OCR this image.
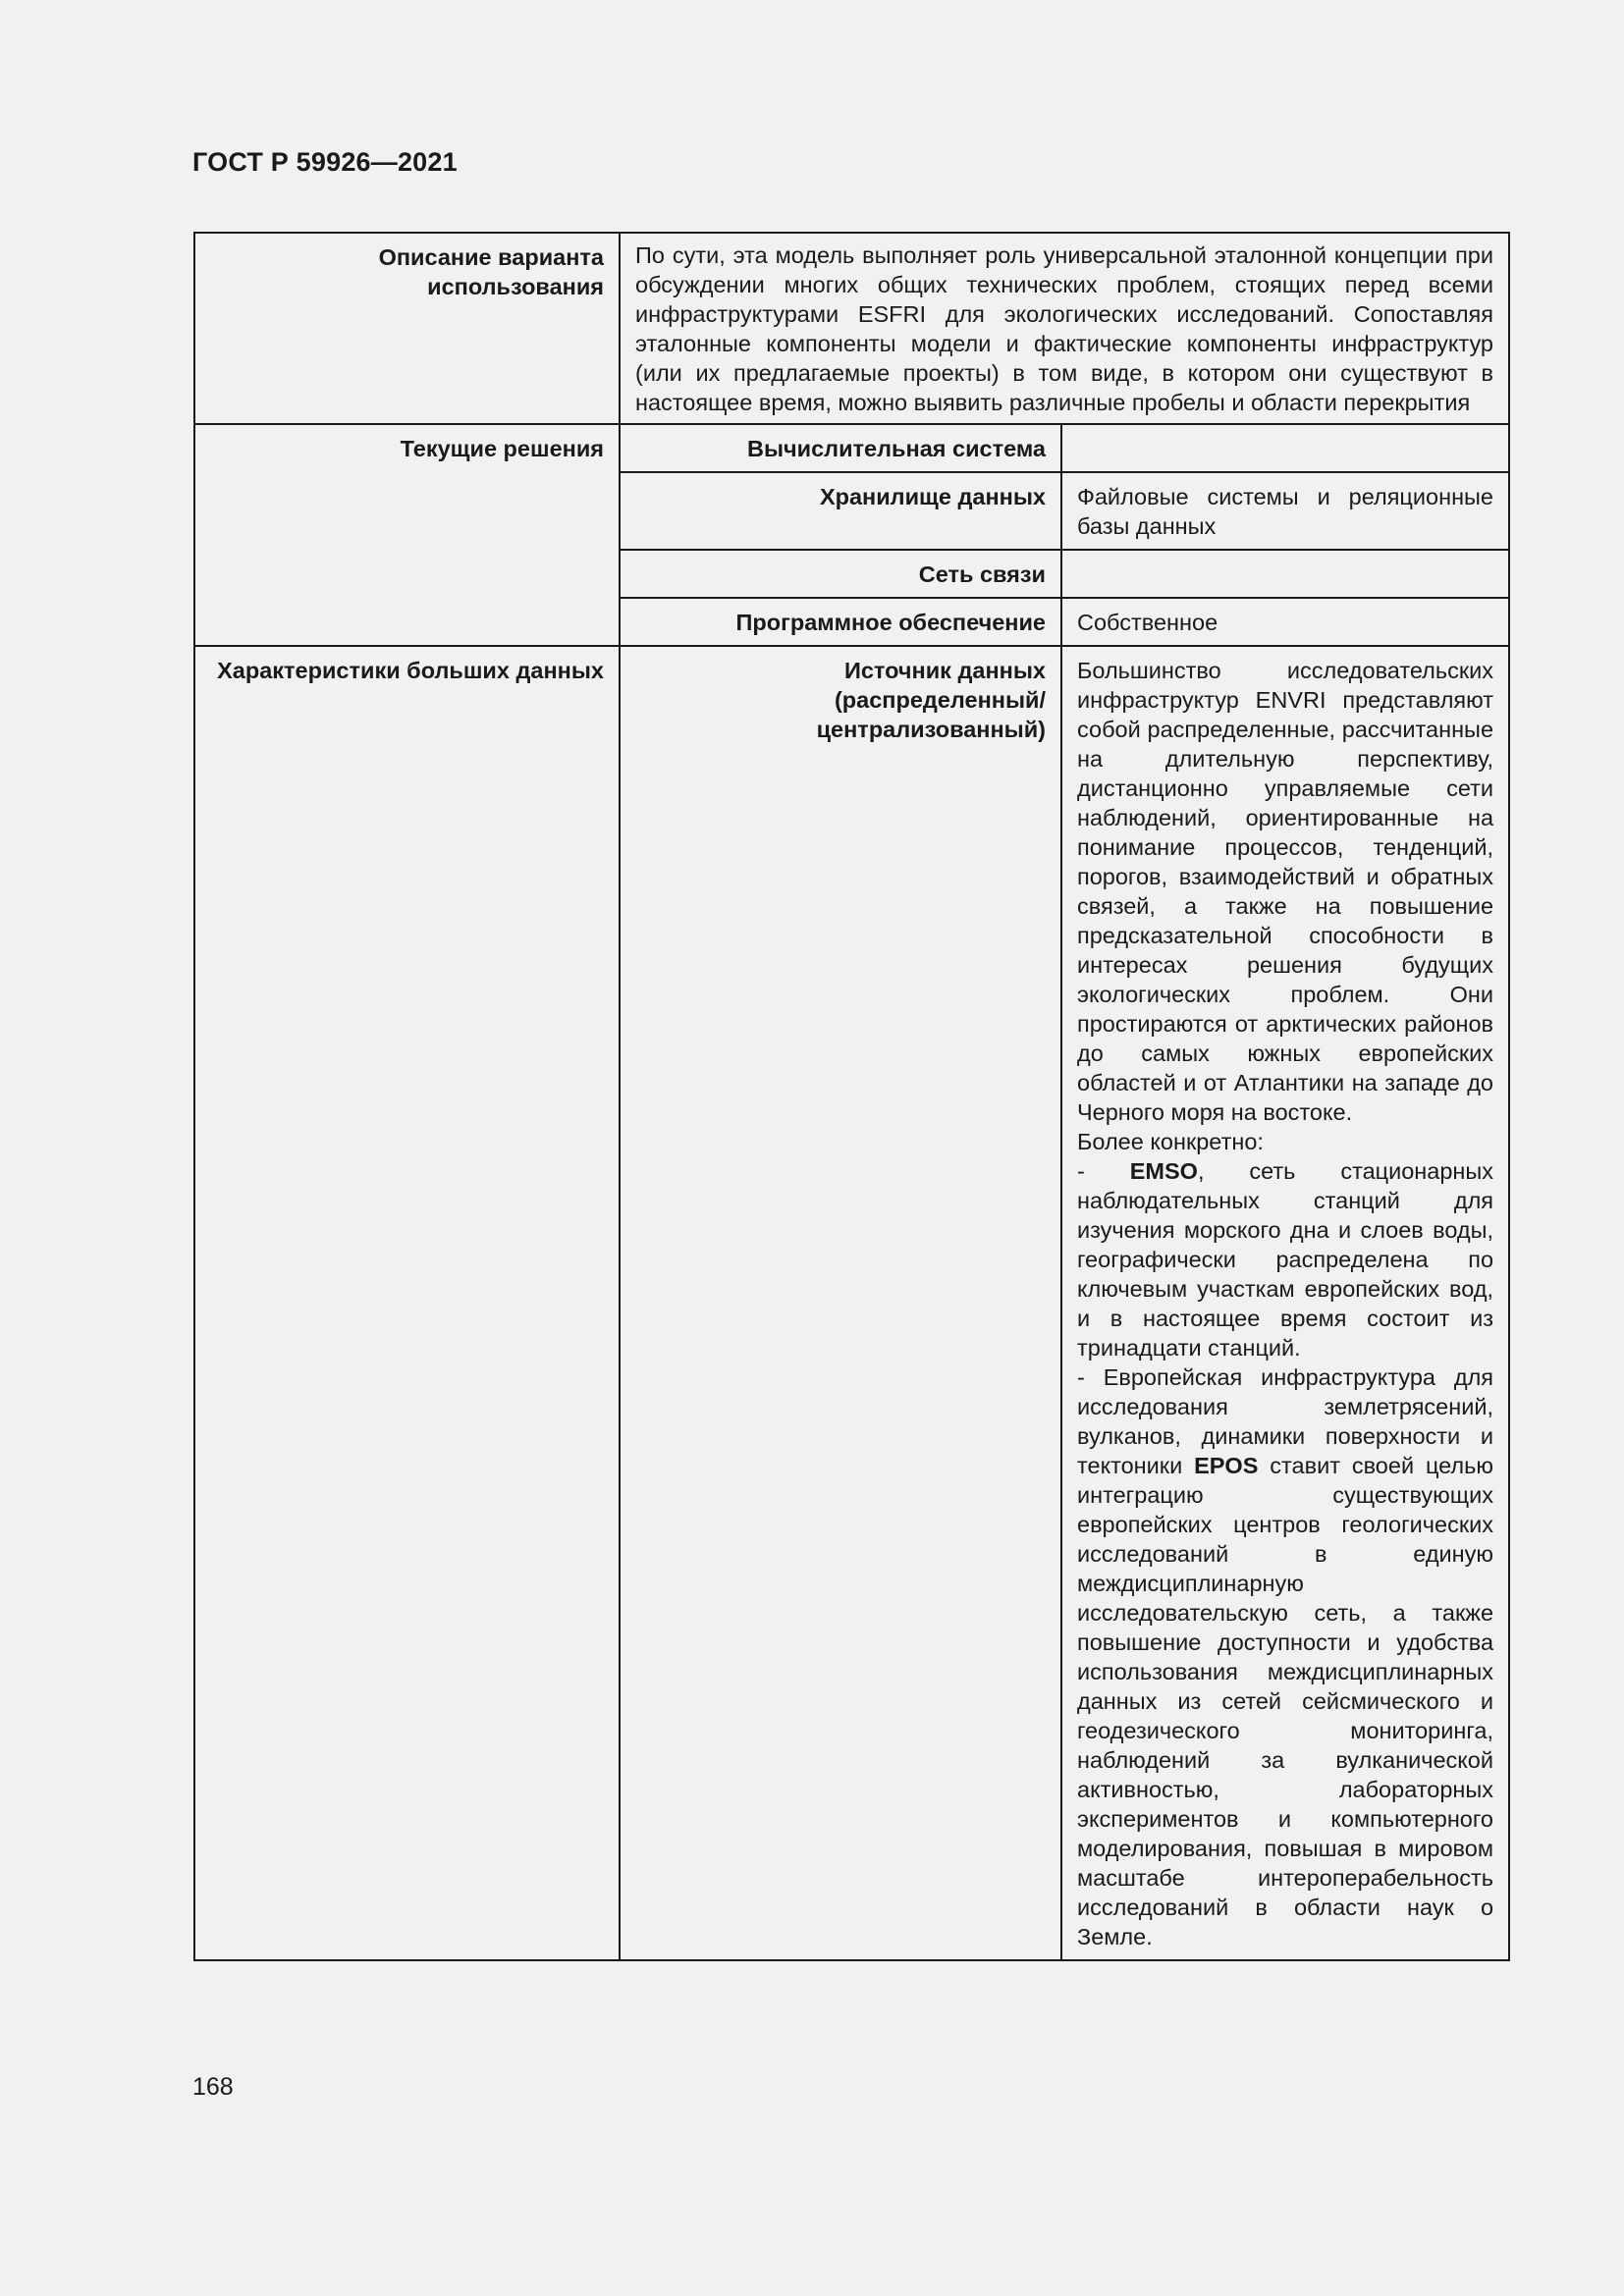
ГОСТ Р 59926—2021
Описание варианта использования	По сути, эта модель выполняет роль универсальной эталонной концепции при обсуждении многих общих технических проблем, стоящих перед всеми инфраструктурами ESFRI для экологических исследований. Сопоставляя эталонные компоненты модели и фактические компоненты инфраструктур (или их предлагаемые проекты) в том виде, в котором они существуют в настоящее время, можно выявить различные пробелы и области перекрытия	
Текущие решения	Вычислительная система	
	Хранилище данных	Файловые системы и реляционные базы данных
	Сеть связи	
	Программное обеспечение	Собственное
Характеристики больших данных	Источник данных (распределенный/ централизованный)	Большинство исследовательских инфраструктур ENVRI представляют собой распределенные, рассчитанные на длительную перспективу, дистанционно управляемые сети наблюдений, ориентированные на понимание процессов, тенденций, порогов, взаимодействий и обратных связей, а также на повышение предсказательной способности в интересах решения будущих экологических проблем. Они простираются от арктических районов до самых южных европейских областей и от Атлантики на западе до Черного моря на востоке.
Более конкретно:
- EMSO, сеть стационарных наблюдательных станций для изучения морского дна и слоев воды, географически распределена по ключевым участкам европейских вод, и в настоящее время состоит из тринадцати станций.
- Европейская инфраструктура для исследования землетрясений, вулканов, динамики поверхности и тектоники EPOS ставит своей целью интеграцию существующих европейских центров геологических исследований в единую междисциплинарную исследовательскую сеть, а также повышение доступности и удобства использования междисциплинарных данных из сетей сейсмического и геодезического мониторинга, наблюдений за вулканической активностью, лабораторных экспериментов и компьютерного моделирования, повышая в мировом масштабе интероперабельность исследований в области наук о Земле.
168
